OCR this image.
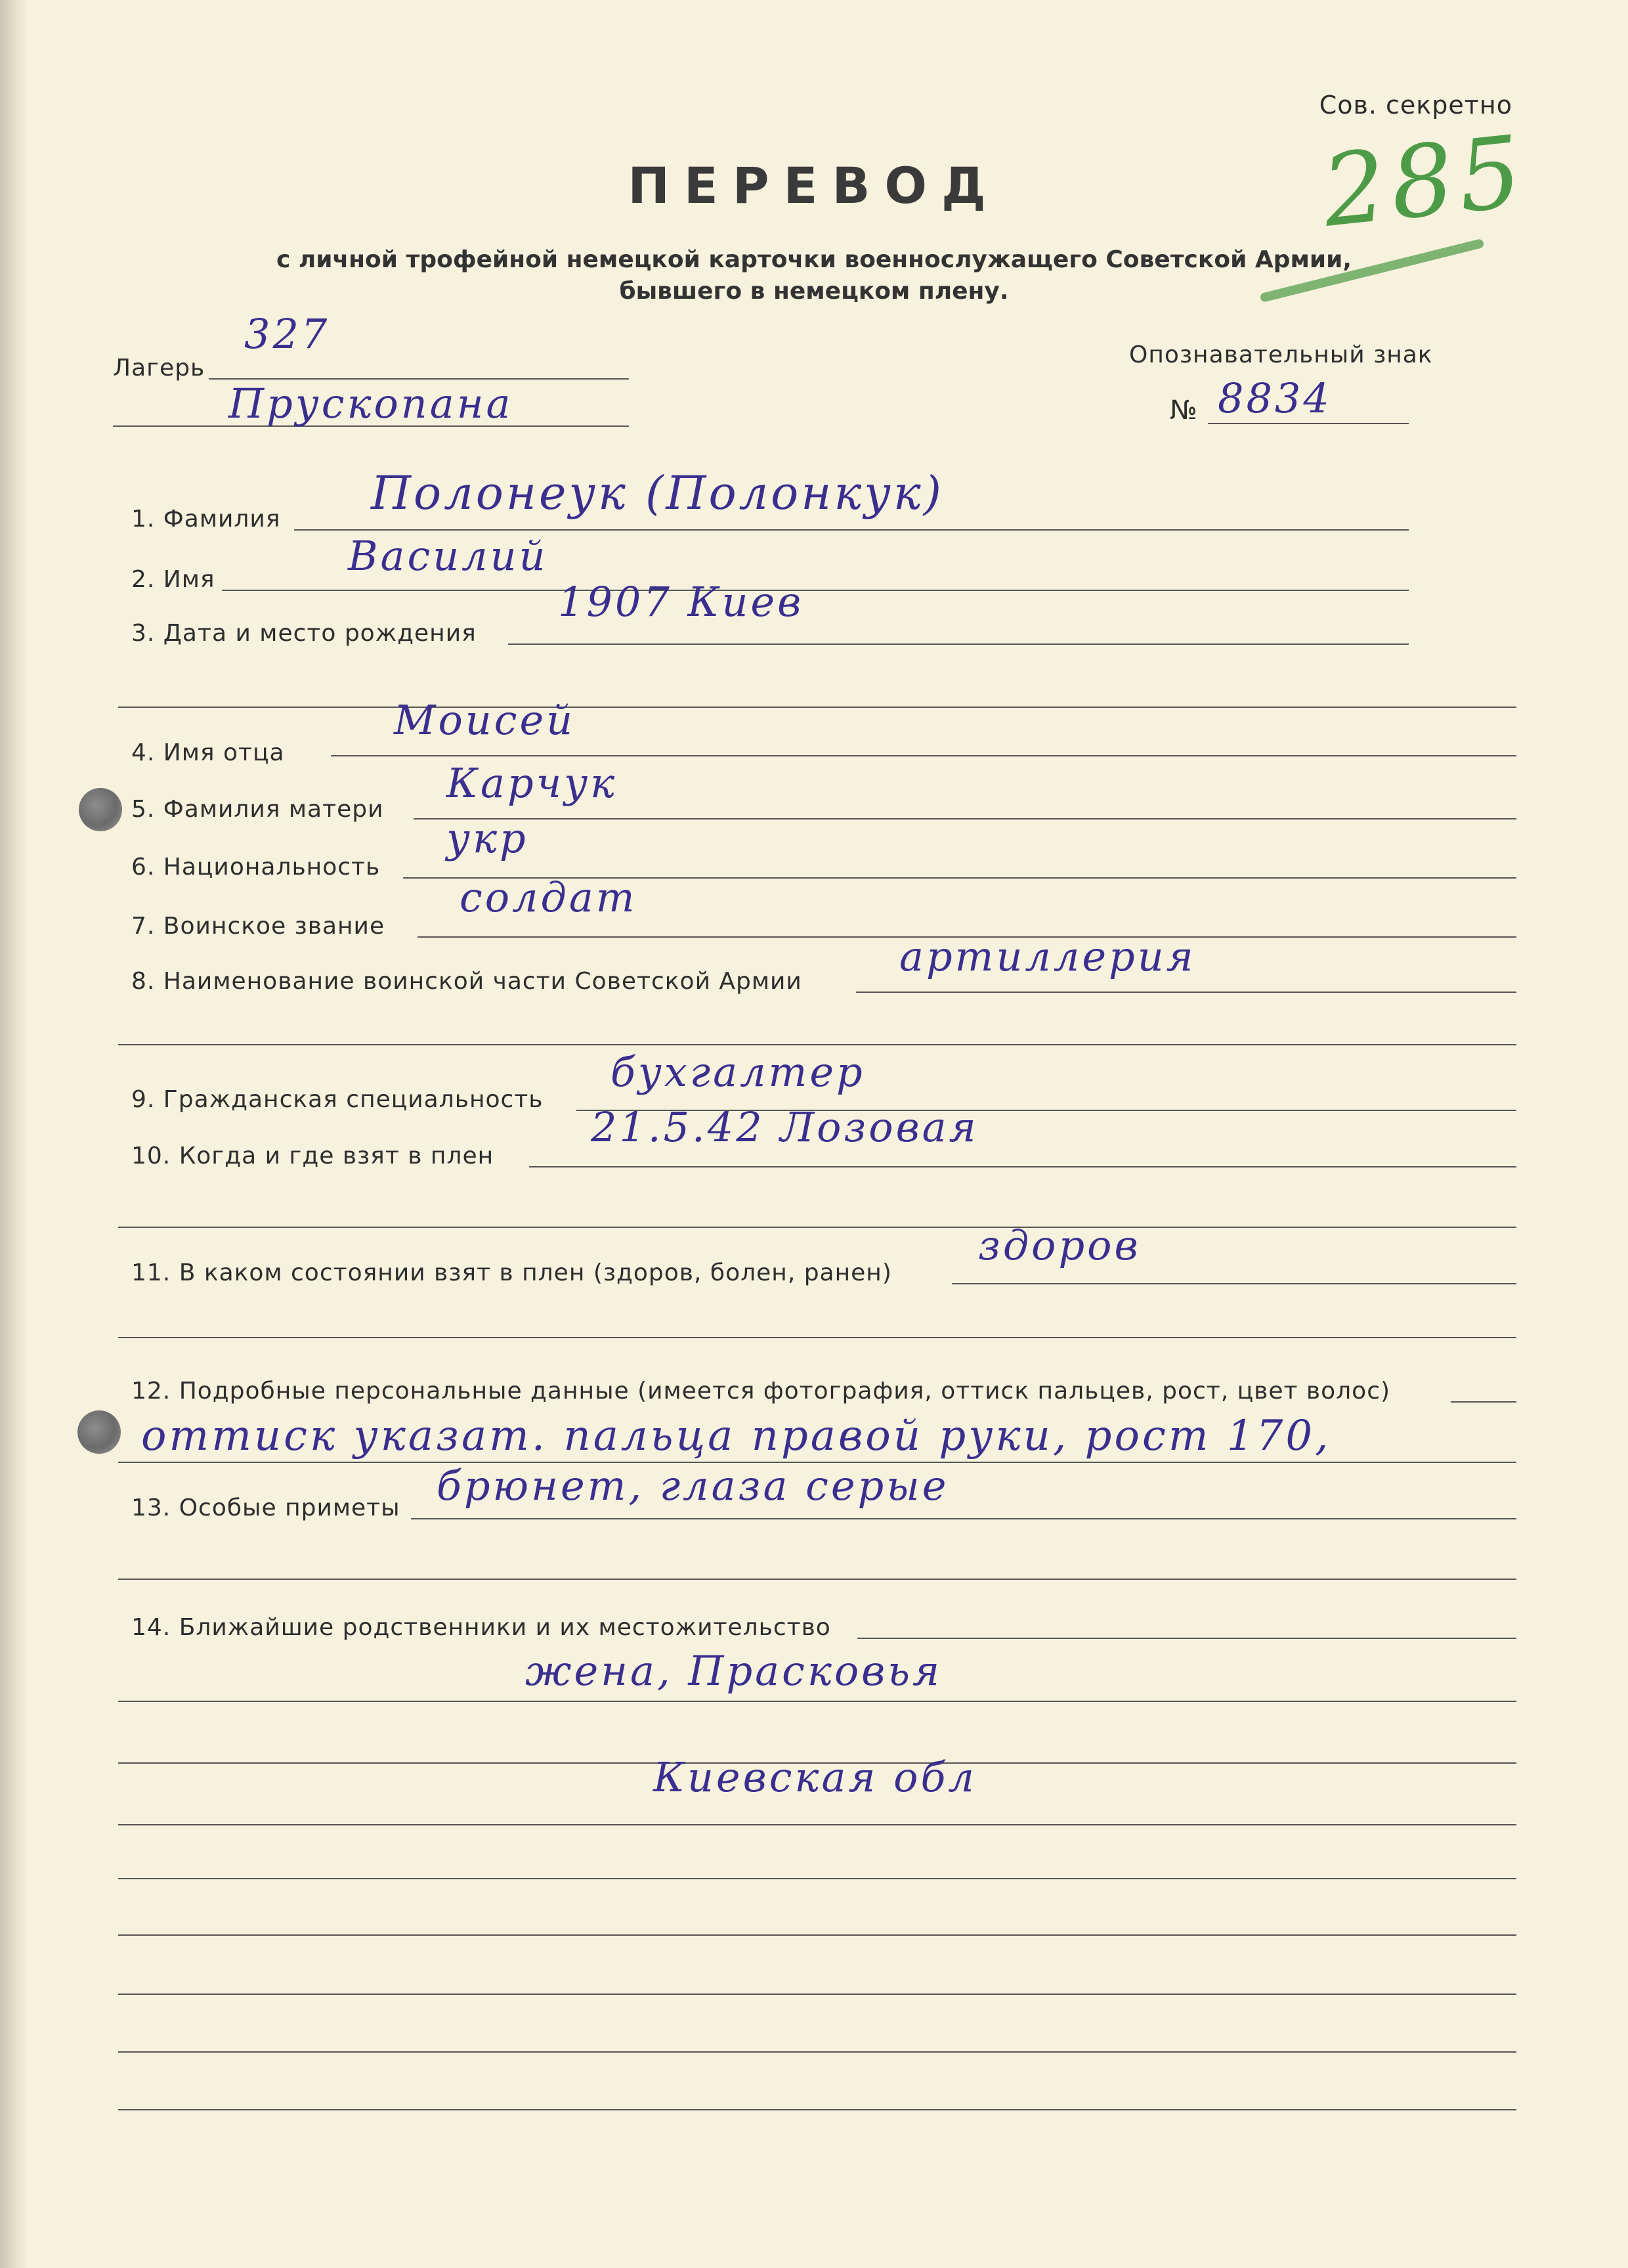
Сов. секретно
ПЕРЕВОД
с личной трофейной немецкой карточки военнослужащего Советской Армии,
бывшего в немецком плену.
285
Лагерь
327
Прускопана
Опознавательный знак
№ 8834
1. Фамилия Полонеук (Полонкук)
2. Имя	Василий
3. Дата и место рождения
1907 Киев
4. Имя отца
Моисей
5. Фамилия матери
Карчук
6. Национальность
укр
7. Воинское звание
солдат
8. Наименование воинской части Советской Армии
артиллерия
9. Гражданская специальность
бухгалтер
10. Когда и где взят в плен
21.5.42 Лозовая
11. В каком состоянии взят в плен (здоров, болен, ранен)
здоров
12. Подробные персональные данные (имеется фотография, оттиск пальцев, рост, цвет волос)
оттиск указат. пальца правой руки, рост 170,
13. Особые приметы брюнет, глаза серые
14. Ближайшие родственники и их местожительство
жена, Прасковья
Киевская обл
